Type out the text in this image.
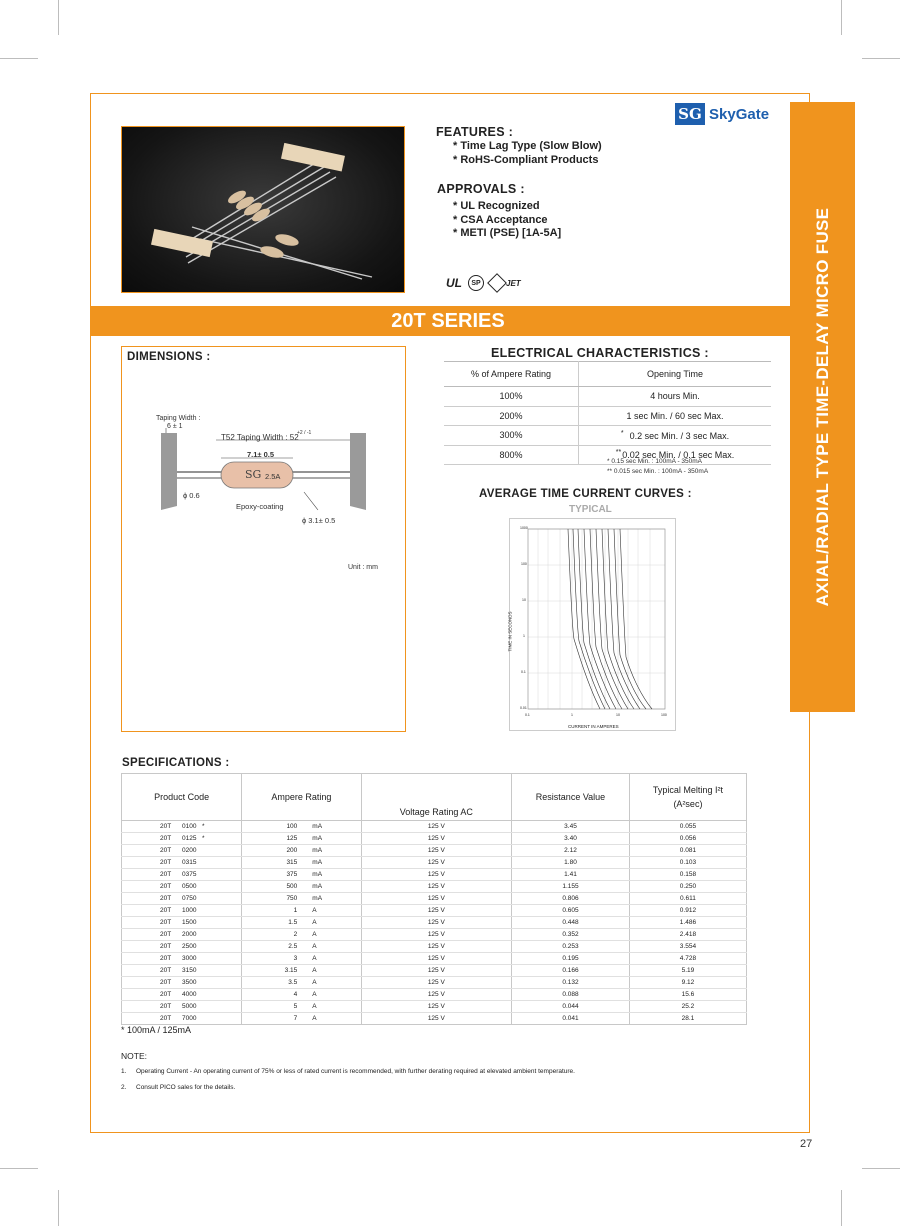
AXIAL/RADIAL TYPE TIME-DELAY MICRO FUSE
SG SkyGate
FEATURES :
* Time Lag Type (Slow Blow)
* RoHS-Compliant Products
APPROVALS :
* UL Recognized
* CSA Acceptance
* METI (PSE) [1A-5A]
UL	SP	JET
20T SERIES
DIMENSIONS :
Taping Width :
6 ± 1
T52 Taping Width : 52
+2 / -1
7.1± 0.5
SG 2.5A
ϕ 0.6
Epoxy-coating
ϕ 3.1± 0.5
Unit : mm
ELECTRICAL CHARACTERISTICS :
% of Ampere Rating	Opening Time
100%	4 hours Min.
200%	1 sec Min. / 60 sec Max.
300%	* 0.2 sec Min. / 3 sec Max.
800%	**0.02 sec Min. / 0.1 sec Max.
* 0.15 sec Min. : 100mA - 350mA
** 0.015 sec Min. : 100mA - 350mA
AVERAGE TIME CURRENT CURVES :
TYPICAL
1000
100
10
1
0.1
0.01
0.1	1	10	100
CURRENT IN AMPERES
TIME IN SECONDS
SPECIFICATIONS :
Product Code	Ampere Rating	Voltage Rating AC	Resistance Value	Typical Melting I²t
(A²sec)

20T 0100 *	100 mA	125 V	3.45	0.055

20T 0125 *	125 mA	125 V	3.40	0.056

20T 0200	200 mA	125 V	2.12	0.081

20T 0315	315 mA	125 V	1.80	0.103

20T 0375	375 mA	125 V	1.41	0.158

20T 0500	500 mA	125 V	1.155	0.250

20T 0750	750 mA	125 V	0.806	0.611

20T 1000	1 A	125 V	0.605	0.912

20T 1500	1.5 A	125 V	0.448	1.486

20T 2000	2 A	125 V	0.352	2.418

20T 2500	2.5 A	125 V	0.253	3.554

20T 3000	3 A	125 V	0.195	4.728

20T 3150	3.15 A	125 V	0.166	5.19

20T 3500	3.5 A	125 V	0.132	9.12

20T 4000	4 A	125 V	0.088	15.6

20T 5000	5 A	125 V	0.044	25.2

20T 7000	7 A	125 V	0.041	28.1
* 100mA / 125mA
NOTE:
1.	Operating Current - An operating current of 75% or less of rated current is recommended, with further derating required at elevated ambient temperature.
2.	Consult PICO sales for the details.
27
